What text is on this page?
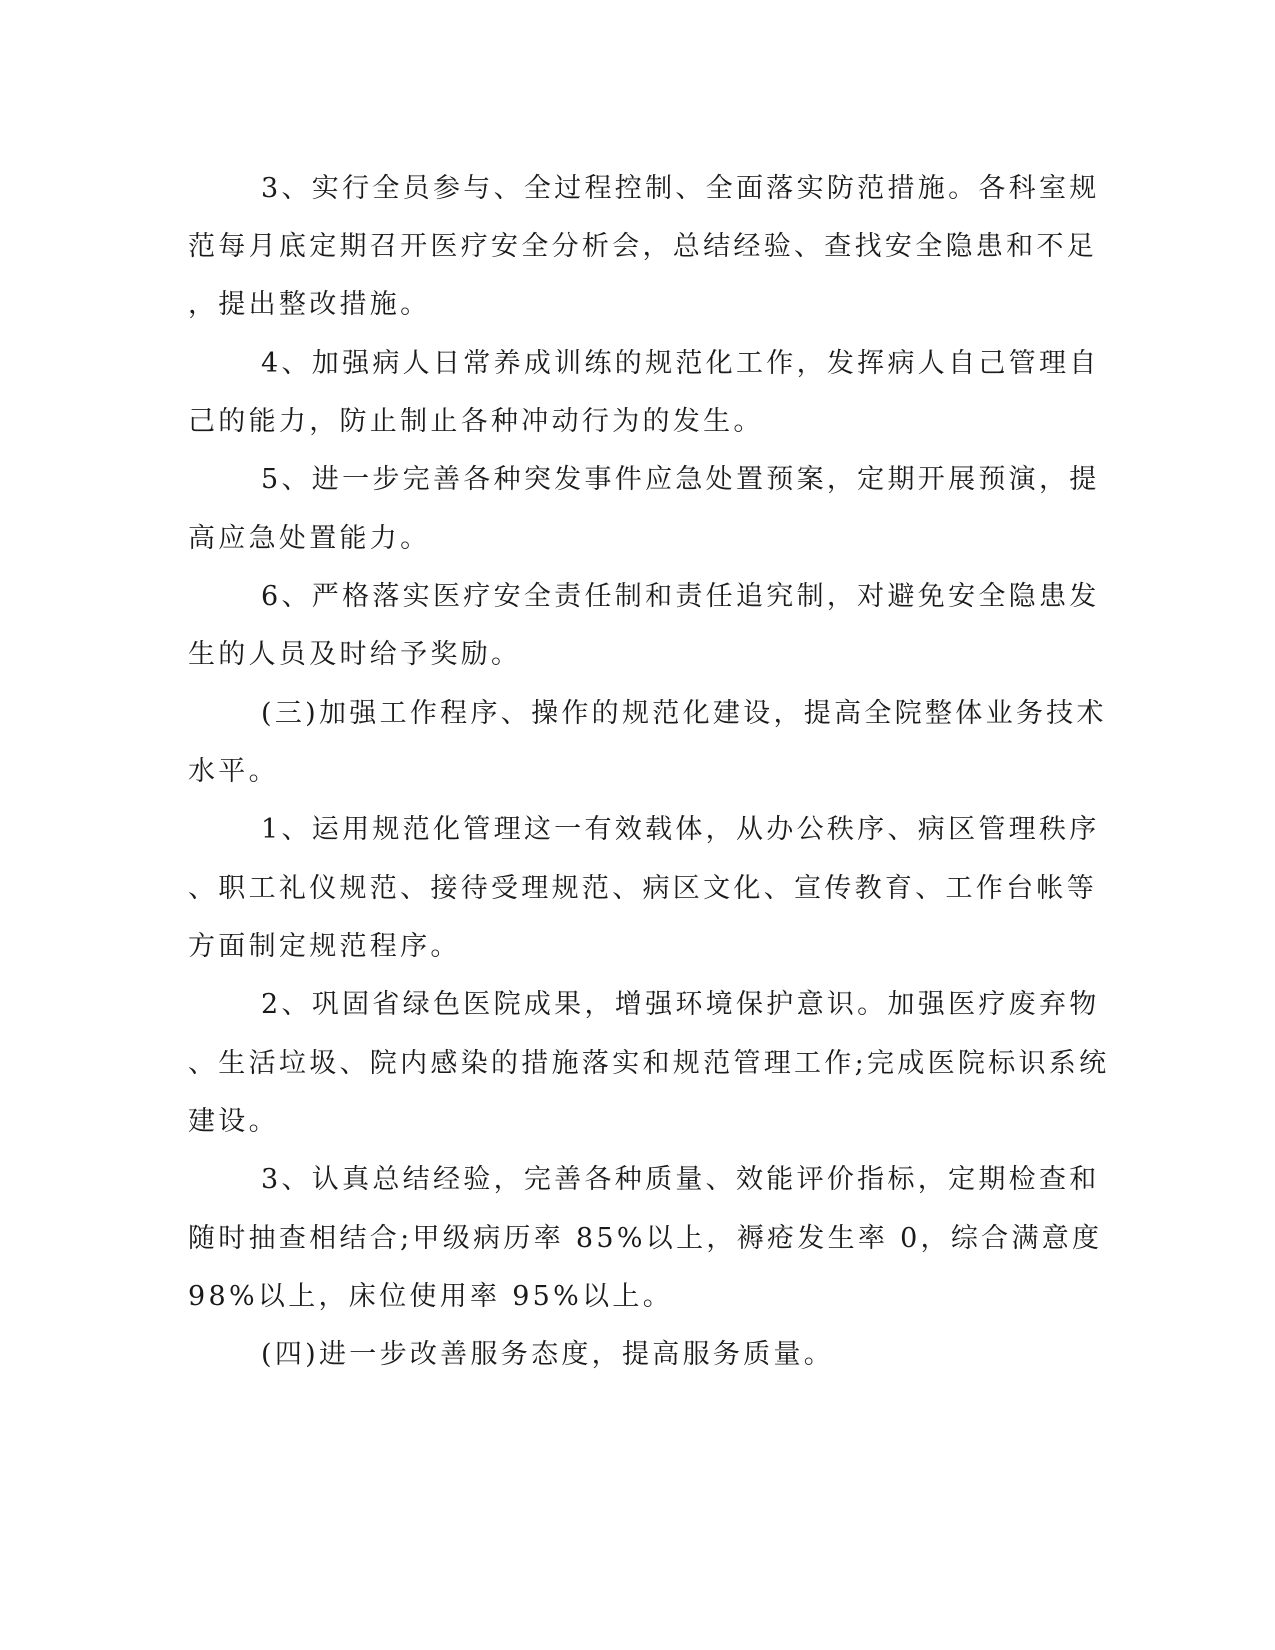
3、实行全员参与、全过程控制、全面落实防范措施。各科室规

范每月底定期召开医疗安全分析会，总结经验、查找安全隐患和不足

，提出整改措施。

4、加强病人日常养成训练的规范化工作，发挥病人自己管理自

己的能力，防止制止各种冲动行为的发生。

5、进一步完善各种突发事件应急处置预案，定期开展预演，提

高应急处置能力。

6、严格落实医疗安全责任制和责任追究制，对避免安全隐患发

生的人员及时给予奖励。

(三)加强工作程序、操作的规范化建设，提高全院整体业务技术

水平。

1、运用规范化管理这一有效载体，从办公秩序、病区管理秩序

、职工礼仪规范、接待受理规范、病区文化、宣传教育、工作台帐等

方面制定规范程序。

2、巩固省绿色医院成果，增强环境保护意识。加强医疗废弃物

、生活垃圾、院内感染的措施落实和规范管理工作;完成医院标识系统

建设。

3、认真总结经验，完善各种质量、效能评价指标，定期检查和

随时抽查相结合;甲级病历率 85%以上，褥疮发生率 0，综合满意度

98%以上，床位使用率 95%以上。

(四)进一步改善服务态度，提高服务质量。
